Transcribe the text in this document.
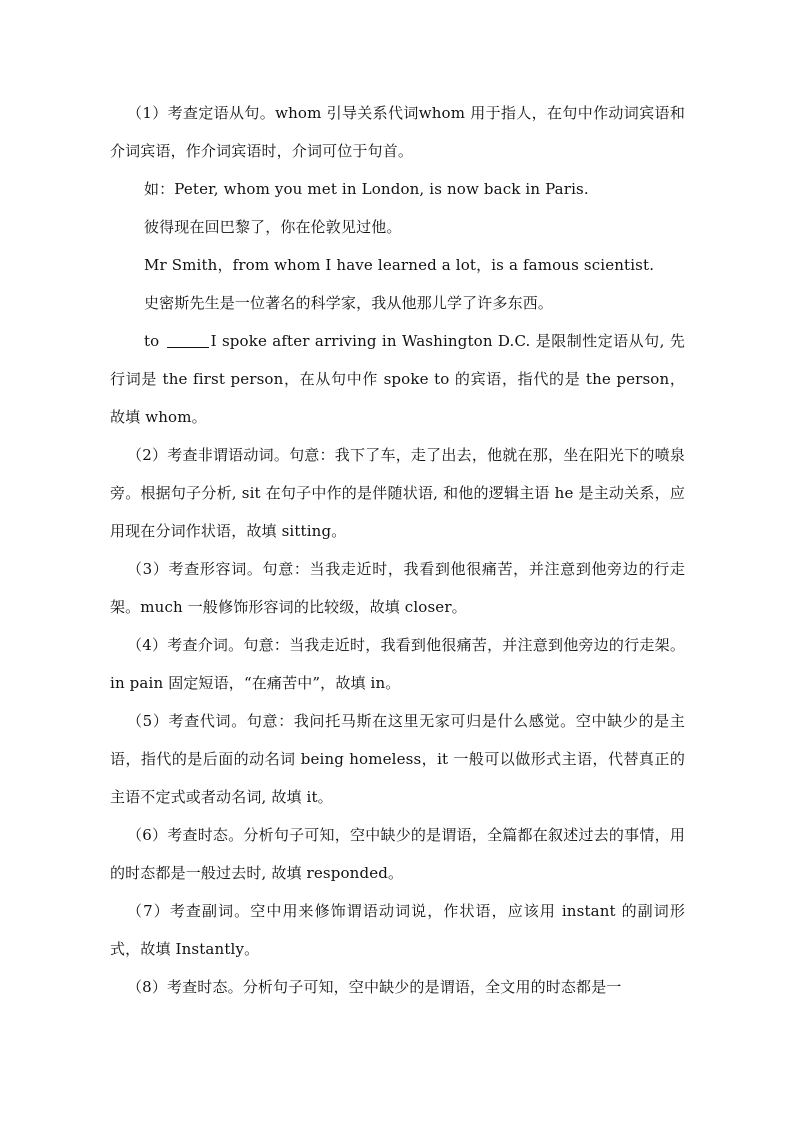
（1）考查定语从句。whom 引导关系代词whom 用于指人，在句中作动词宾语和介词宾语，作介词宾语时，介词可位于句首。

如：Peter, whom you met in London, is now back in Paris.

彼得现在回巴黎了，你在伦敦见过他。

Mr Smith，from whom I have learned a lot，is a famous scientist.

史密斯先生是一位著名的科学家，我从他那儿学了许多东西。

to	I spoke after arriving in Washington D.C. 是限制性定语从句, 先行词是 the first person，在从句中作 spoke to 的宾语，指代的是 the person，故填 whom。

（2）考查非谓语动词。句意：我下了车，走了出去，他就在那，坐在阳光下的喷泉旁。根据句子分析, sit 在句子中作的是伴随状语, 和他的逻辑主语 he 是主动关系，应用现在分词作状语，故填 sitting。

（3）考查形容词。句意：当我走近时，我看到他很痛苦，并注意到他旁边的行走架。much 一般修饰形容词的比较级，故填 closer。

（4）考查介词。句意：当我走近时，我看到他很痛苦，并注意到他旁边的行走架。in pain 固定短语，“在痛苦中”，故填 in。

（5）考查代词。句意：我问托马斯在这里无家可归是什么感觉。空中缺少的是主语，指代的是后面的动名词 being homeless，it 一般可以做形式主语，代替真正的主语不定式或者动名词, 故填 it。

（6）考查时态。分析句子可知，空中缺少的是谓语，全篇都在叙述过去的事情，用的时态都是一般过去时, 故填 responded。

（7）考查副词。空中用来修饰谓语动词说，作状语，应该用 instant 的副词形式，故填 Instantly。

（8）考查时态。分析句子可知，空中缺少的是谓语，全文用的时态都是一
